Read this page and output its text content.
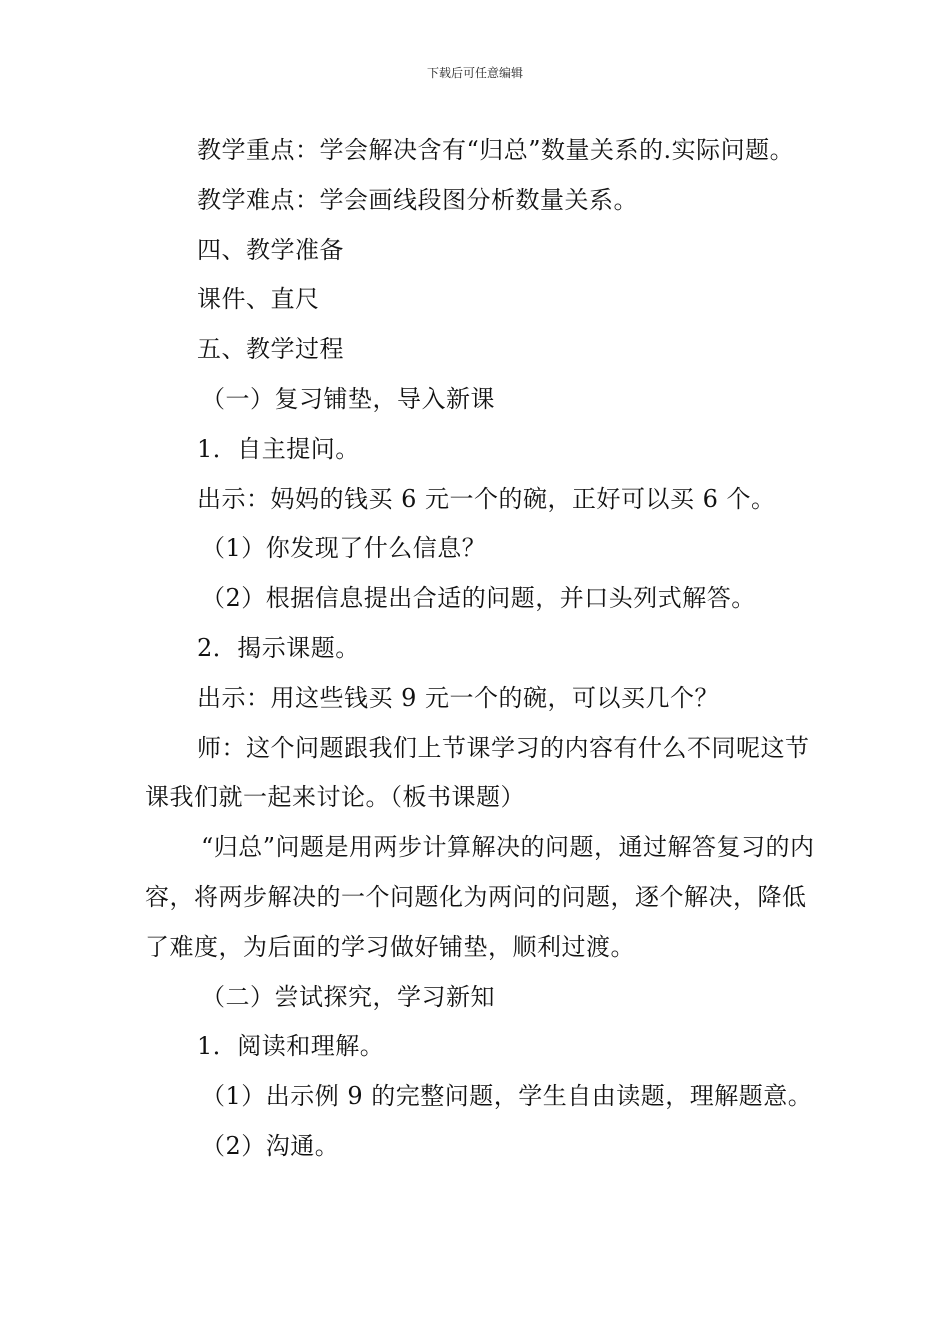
下载后可任意编辑

教学重点：学会解决含有“归总”数量关系的.实际问题。

教学难点：学会画线段图分析数量关系。

四、教学准备

课件、直尺

五、教学过程

（一）复习铺垫，导入新课

1．自主提问。

出示：妈妈的钱买 6 元一个的碗，正好可以买 6 个。

（1）你发现了什么信息？

（2）根据信息提出合适的问题，并口头列式解答。

2．揭示课题。

出示：用这些钱买 9 元一个的碗，可以买几个？

师：这个问题跟我们上节课学习的内容有什么不同呢这节课我们就一起来讨论。（板书课题）

“归总”问题是用两步计算解决的问题，通过解答复习的内容，将两步解决的一个问题化为两问的问题，逐个解决，降低了难度，为后面的学习做好铺垫，顺利过渡。

（二）尝试探究，学习新知

1．阅读和理解。

（1）出示例 9 的完整问题，学生自由读题，理解题意。

（2）沟通。
